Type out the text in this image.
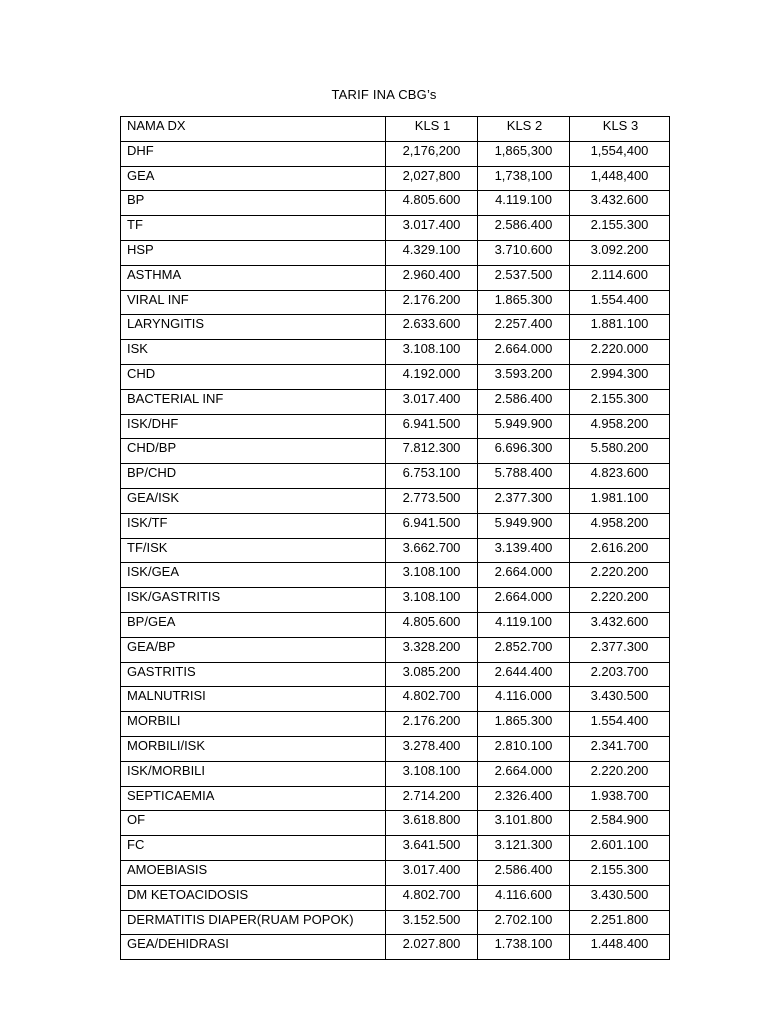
TARIF INA CBG’s
NAMA DX	KLS 1	KLS 2	KLS 3
DHF	2,176,200	1,865,300	1,554,400
GEA	2,027,800	1,738,100	1,448,400
BP	4.805.600	4.119.100	3.432.600
TF	3.017.400	2.586.400	2.155.300
HSP	4.329.100	3.710.600	3.092.200
ASTHMA	2.960.400	2.537.500	2.114.600
VIRAL INF	2.176.200	1.865.300	1.554.400
LARYNGITIS	2.633.600	2.257.400	1.881.100
ISK	3.108.100	2.664.000	2.220.000
CHD	4.192.000	3.593.200	2.994.300
BACTERIAL INF	3.017.400	2.586.400	2.155.300
ISK/DHF	6.941.500	5.949.900	4.958.200
CHD/BP	7.812.300	6.696.300	5.580.200
BP/CHD	6.753.100	5.788.400	4.823.600
GEA/ISK	2.773.500	2.377.300	1.981.100
ISK/TF	6.941.500	5.949.900	4.958.200
TF/ISK	3.662.700	3.139.400	2.616.200
ISK/GEA	3.108.100	2.664.000	2.220.200
ISK/GASTRITIS	3.108.100	2.664.000	2.220.200
BP/GEA	4.805.600	4.119.100	3.432.600
GEA/BP	3.328.200	2.852.700	2.377.300
GASTRITIS	3.085.200	2.644.400	2.203.700
MALNUTRISI	4.802.700	4.116.000	3.430.500
MORBILI	2.176.200	1.865.300	1.554.400
MORBILI/ISK	3.278.400	2.810.100	2.341.700
ISK/MORBILI	3.108.100	2.664.000	2.220.200
SEPTICAEMIA	2.714.200	2.326.400	1.938.700
OF	3.618.800	3.101.800	2.584.900
FC	3.641.500	3.121.300	2.601.100
AMOEBIASIS	3.017.400	2.586.400	2.155.300
DM KETOACIDOSIS	4.802.700	4.116.600	3.430.500
DERMATITIS DIAPER(RUAM POPOK)	3.152.500	2.702.100	2.251.800
GEA/DEHIDRASI	2.027.800	1.738.100	1.448.400
